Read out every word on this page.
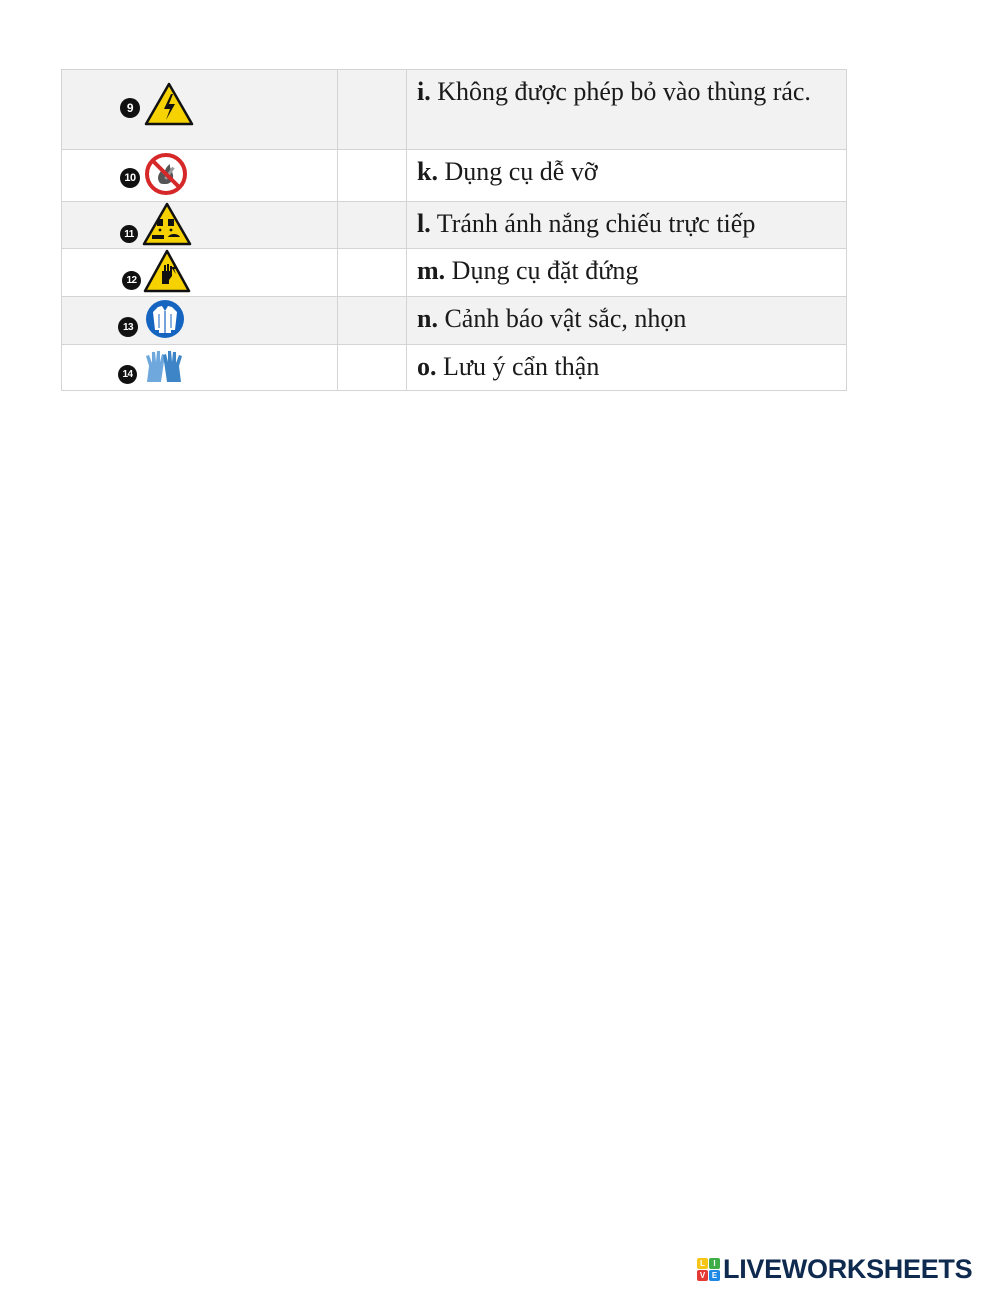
9		i. Không được phép bỏ vào thùng rác.

10		k. Dụng cụ dễ vỡ

11		l. Tránh ánh nắng chiếu trực tiếp

12		m. Dụng cụ đặt đứng

13		n. Cảnh báo vật sắc, nhọn

14		o. Lưu ý cẩn thận
L	I
V E LIVEWORKSHEETS
